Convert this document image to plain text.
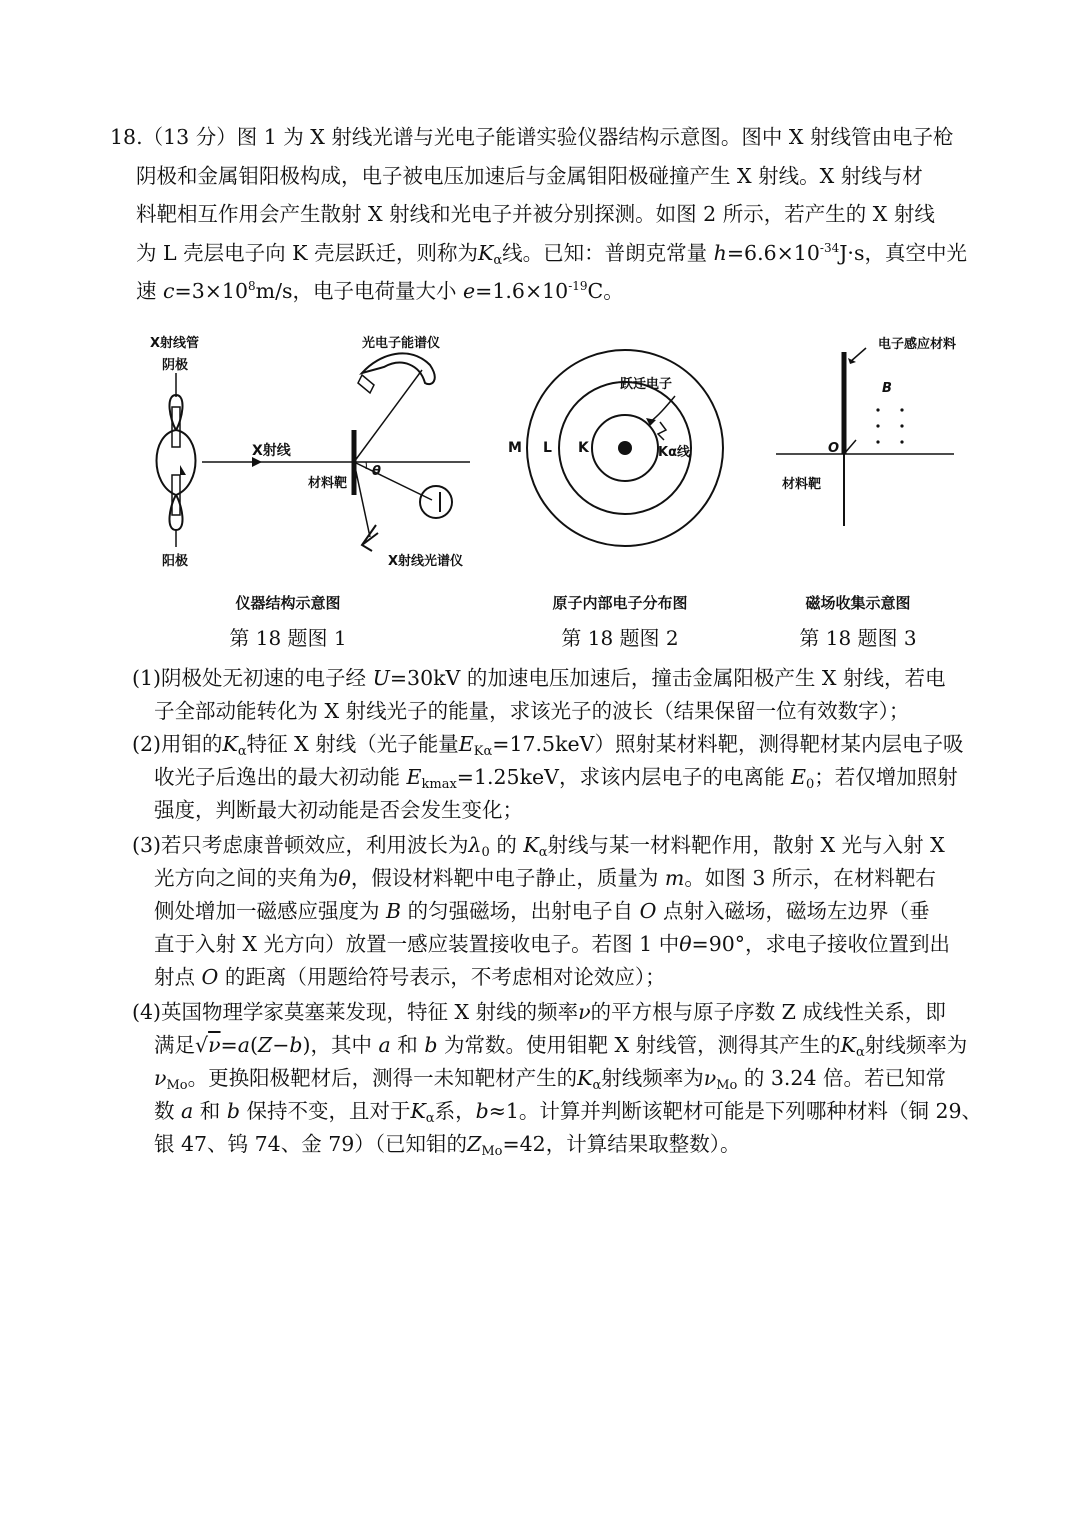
18.（13 分）图 1 为 X 射线光谱与光电子能谱实验仪器结构示意图。图中 X 射线管由电子枪
阴极和金属钼阳极构成，电子被电压加速后与金属钼阳极碰撞产生 X 射线。X 射线与材
料靶相互作用会产生散射 X 射线和光电子并被分别探测。如图 2 所示，若产生的 X 射线
为 L 壳层电子向 K 壳层跃迁，则称为$K_\alpha$线。已知：普朗克常量 $h=6.6\times 10^{-34}J\cdot s$，真空中光
速 $c=3\times 10^8m/s$，电子电荷量大小 $e=1.6\times 10^{-19}C$。
X射线管
阴极
阳极
X射线
材料靶
θ
X射线光谱仪
光电子能谱仪
仪器结构示意图
第 18 题图 1
M L K
跃迁电子
Kα线
原子内部电子分布图
第 18 题图 2
电子感应材料
B
O
材料靶
磁场收集示意图
第 18 题图 3
(1)阴极处无初速的电子经 U=30kV 的加速电压加速后，撞击金属阳极产生 X 射线，若电
子全部动能转化为 X 射线光子的能量，求该光子的波长（结果保留一位有效数字）；
(2)用钼的$K_\alpha$特征 X 射线（光子能量$E_{K\alpha}=17.5keV$）照射某材料靶，测得靶材某内层电子吸
收光子后逸出的最大初动能 $E_{kmax}=1.25keV$，求该内层电子的电离能 $E_0$；若仅增加照射
强度，判断最大初动能是否会发生变化；
(3)若只考虑康普顿效应，利用波长为$\lambda_0$ 的 $K_\alpha$射线与某一材料靶作用，散射 X 光与入射 X
光方向之间的夹角为θ，假设材料靶中电子静止，质量为 m。如图 3 所示，在材料靶右
侧处增加一磁感应强度为 B 的匀强磁场，出射电子自 O 点射入磁场，磁场左边界（垂
直于入射 X 光方向）放置一感应装置接收电子。若图 1 中θ=90°，求电子接收位置到出
射点 O 的距离（用题给符号表示，不考虑相对论效应）；
(4)英国物理学家莫塞莱发现，特征 X 射线的频率ν的平方根与原子序数 Z 成线性关系，即
满足√ν=a(Z−b)，其中 a 和 b 为常数。使用钼靶 X 射线管，测得其产生的$K_\alpha$射线频率为
$\nu_{Mo}$。更换阳极靶材后，测得一未知靶材产生的$K_\alpha$射线频率为$\nu_{Mo}$ 的 3.24 倍。若已知常
数 a 和 b 保持不变，且对于$K_\alpha$系，b≈1。计算并判断该靶材可能是下列哪种材料（铜 29、
银 47、钨 74、金 79）（已知钼的$Z_{Mo}=42$，计算结果取整数）。
